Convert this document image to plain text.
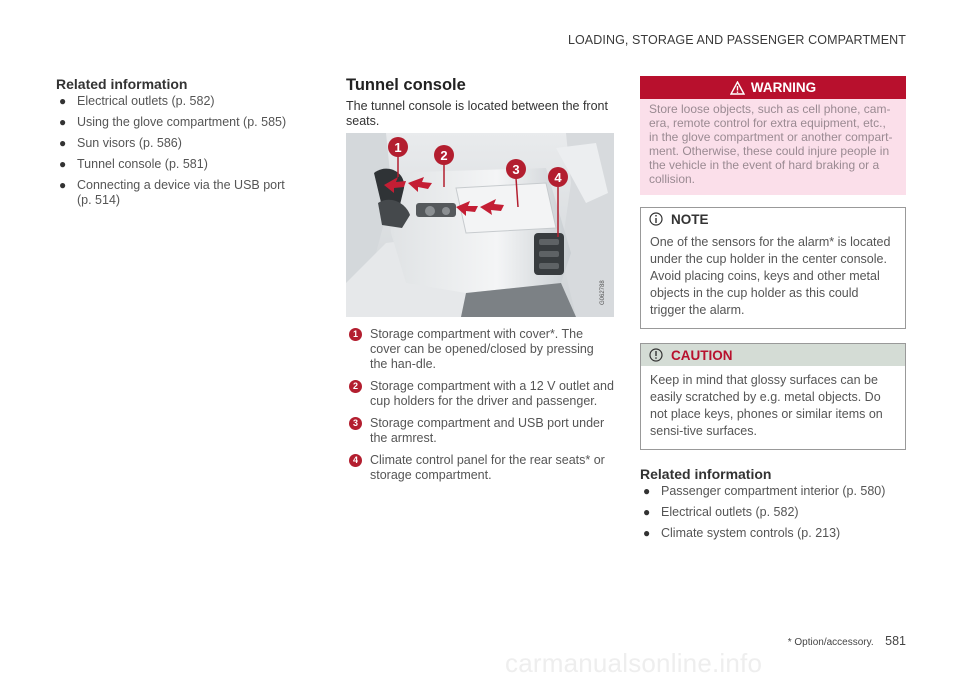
LOADING, STORAGE AND PASSENGER COMPARTMENT
Related information
● Electrical outlets (p. 582)
● Using the glove compartment (p. 585)
● Sun visors (p. 586)
● Tunnel console (p. 581)
● Connecting a device via the USB port (p. 514)
Tunnel console

The tunnel console is located between the front seats.

1
2
3
4
G062788
1 Storage compartment with cover*. The cover can be opened/closed by pressing the han-dle.
2 Storage compartment with a 12 V outlet and cup holders for the driver and passenger.
3 Storage compartment and USB port under the armrest.
4 Climate control panel for the rear seats* or storage compartment.
WARNING
Store loose objects, such as cell phone, cam-era, remote control for extra equipment, etc., in the glove compartment or another compart-ment. Otherwise, these could injure people in the vehicle in the event of hard braking or a collision.
NOTE
One of the sensors for the alarm* is located under the cup holder in the center console. Avoid placing coins, keys and other metal objects in the cup holder as this could trigger the alarm.
CAUTION
Keep in mind that glossy surfaces can be easily scratched by e.g. metal objects. Do not place keys, phones or similar items on sensi-tive surfaces.
Related information
● Passenger compartment interior (p. 580)
● Electrical outlets (p. 582)
● Climate system controls (p. 213)
* Option/accessory. 581
carmanualsonline.info
